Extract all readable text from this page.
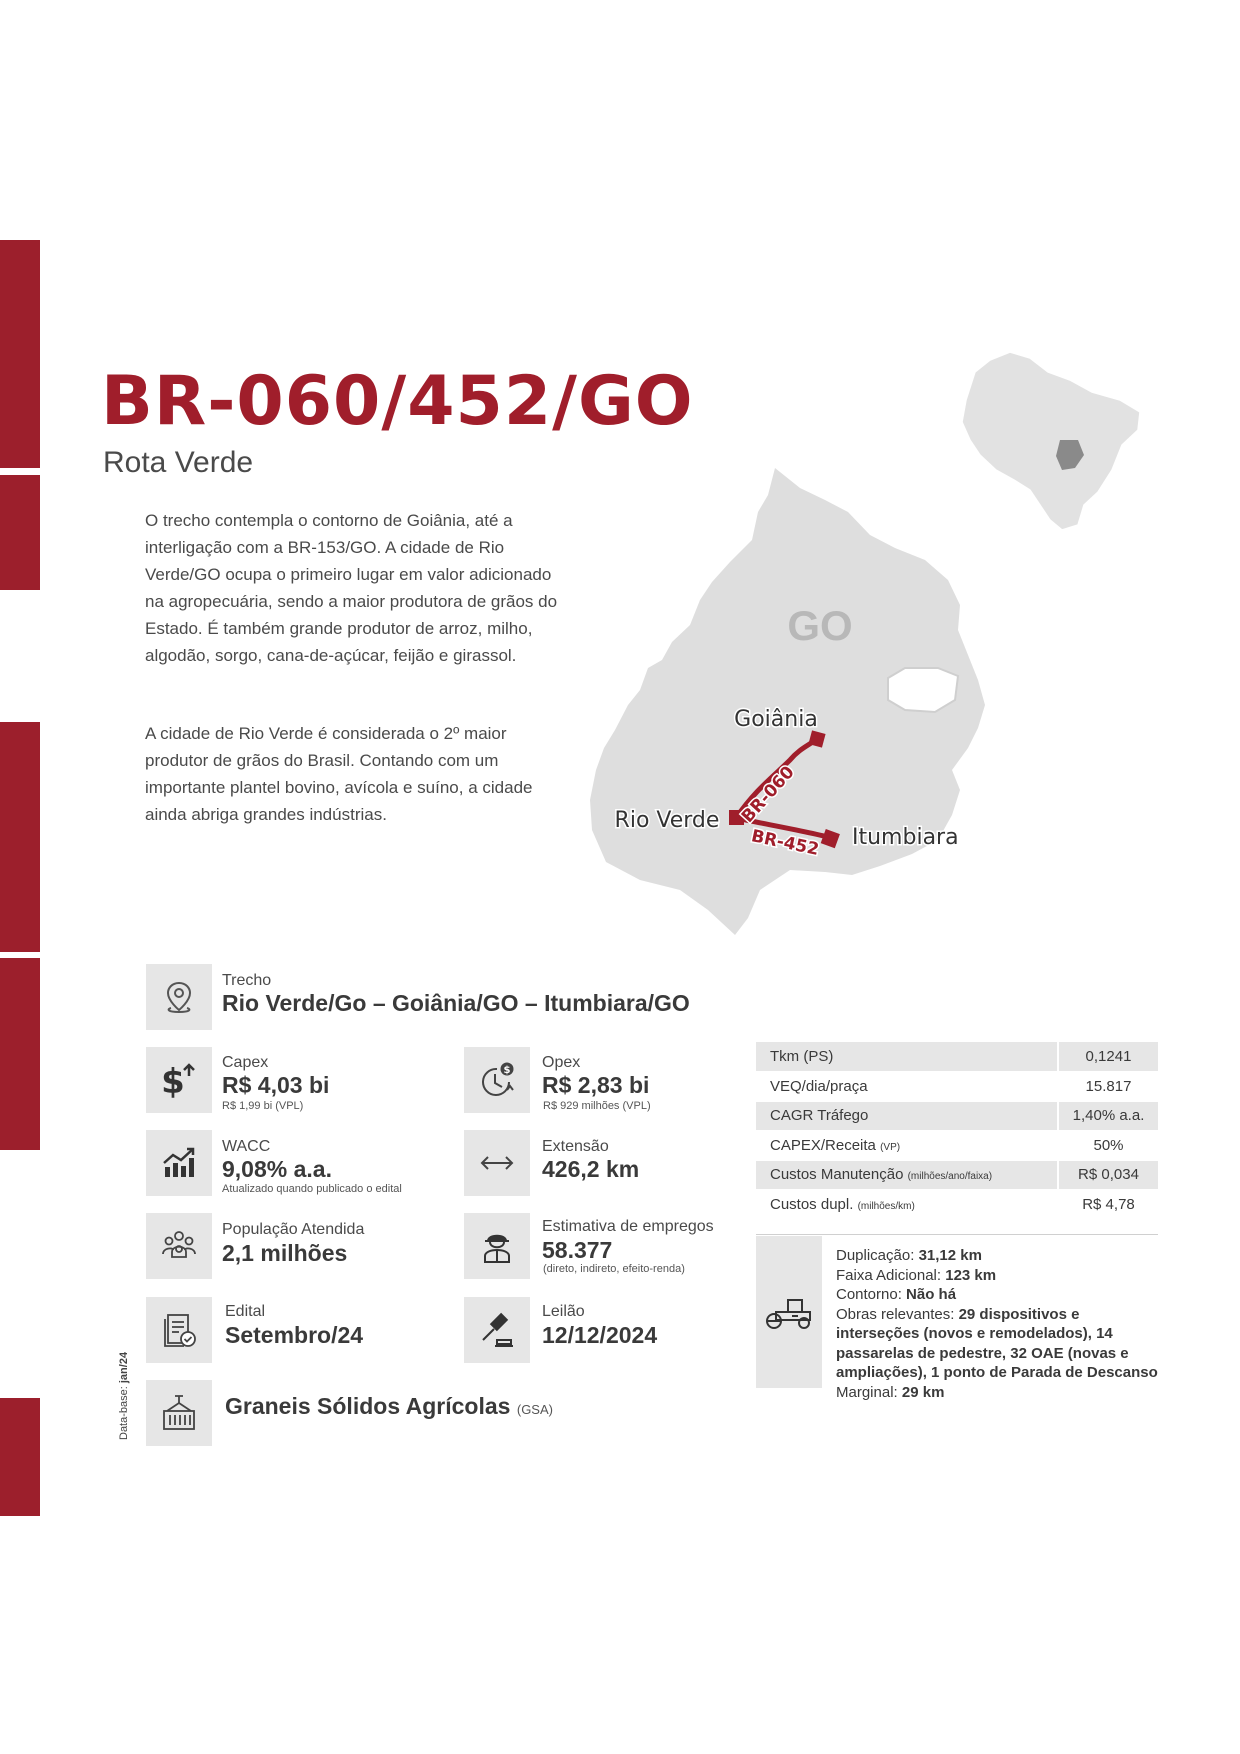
BR-060/452/GO
Rota Verde

O trecho contempla o contorno de Goiânia, até a interligação com a BR-153/GO. A cidade de Rio Verde/GO ocupa o primeiro lugar em valor adicionado na agropecuária, sendo a maior produtora de grãos do Estado. É também grande produtor de arroz, milho, algodão, sorgo, cana-de-açúcar, feijão e girassol.

A cidade de Rio Verde é considerada o 2º maior produtor de grãos do Brasil. Contando com um importante plantel bovino, avícola e suíno, a cidade ainda abriga grandes indústrias.

GO
BR-060
BR-452
Goiânia
Rio Verde
Itumbiara
Trecho
Rio Verde/Go – Goiânia/GO – Itumbiara/GO
$ Capex
R$ 4,03 bi
R$ 1,99 bi (VPL)
$ Opex
R$ 2,83 bi
R$ 929 milhões (VPL)
WACC
9,08% a.a.
Atualizado quando publicado o edital
Extensão
426,2 km
População Atendida
2,1 milhões
Estimativa de empregos
58.377
(direto, indireto, efeito-renda)
Edital
Setembro/24
Leilão
12/12/2024
Graneis Sólidos Agrícolas (GSA)
Data-base: jan/24
Tkm (PS)	0,1241
VEQ/dia/praça	15.817
CAGR Tráfego	1,40% a.a.
CAPEX/Receita (VP)	50%
Custos Manutenção (milhões/ano/faixa)	R$ 0,034
Custos dupl. (milhões/km)	R$ 4,78
Duplicação: 31,12 km
Faixa Adicional: 123 km
Contorno: Não há
Obras relevantes: 29 dispositivos e interseções (novos e remodelados), 14 passarelas de pedestre, 32 OAE (novas e ampliações), 1 ponto de Parada de Descanso
Marginal: 29 km
